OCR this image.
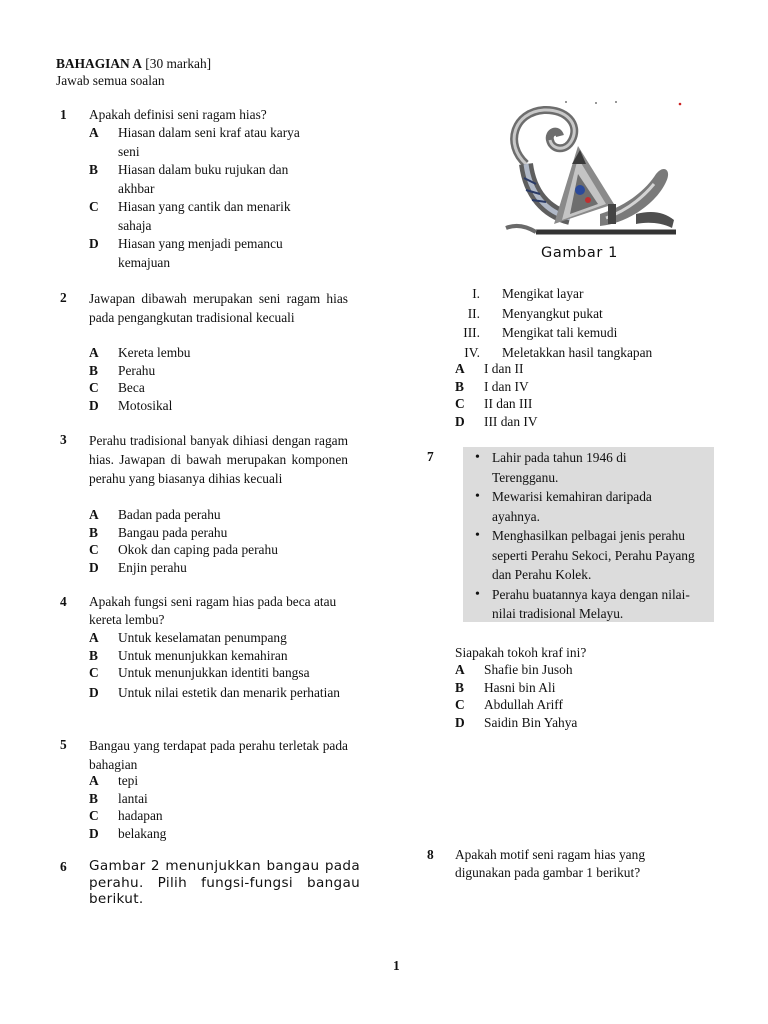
BAHAGIAN A [30 markah]
Jawab semua soalan
1	Apakah definisi seni ragam hias?
A Hiasan dalam seni kraf atau karya seni
B Hiasan dalam buku rujukan dan akhbar
C Hiasan yang cantik dan menarik sahaja
D Hiasan yang menjadi pemancu kemajuan
2	Jawapan dibawah merupakan seni ragam hias pada pengangkutan tradisional kecuali
A Kereta lembu
B Perahu
C Beca
D Motosikal
3	Perahu tradisional banyak dihiasi dengan ragam hias. Jawapan di bawah merupakan komponen perahu yang biasanya dihias kecuali
A Badan pada perahu
B Bangau pada perahu
C Okok dan caping pada perahu
D Enjin perahu
4	Apakah fungsi seni ragam hias pada beca atau kereta lembu?
A Untuk keselamatan penumpang
B Untuk menunjukkan kemahiran
C Untuk menunjukkan identiti bangsa
D Untuk nilai estetik dan menarik perhatian
5	Bangau yang terdapat pada perahu terletak pada bahagian
A tepi
B lantai
C hadapan
D belakang
6	Gambar 2 menunjukkan bangau pada perahu. Pilih fungsi-fungsi bangau berikut.
Gambar 1
I. Mengikat layar
II. Menyangkut pukat
III. Mengikat tali kemudi
IV. Meletakkan hasil tangkapan
A I dan II
B I dan IV
C II dan III
D III dan IV
7
•	Lahir pada tahun 1946 di Terengganu.
• Mewarisi kemahiran daripada ayahnya.
• Menghasilkan pelbagai jenis perahu seperti Perahu Sekoci, Perahu Payang dan Perahu Kolek.
• Perahu buatannya kaya dengan nilai-nilai tradisional Melayu.
Siapakah tokoh kraf ini?
A Shafie bin Jusoh
B Hasni bin Ali
C Abdullah Ariff
D Saidin Bin Yahya
8 Apakah motif seni ragam hias yang digunakan pada gambar 1 berikut?
1
